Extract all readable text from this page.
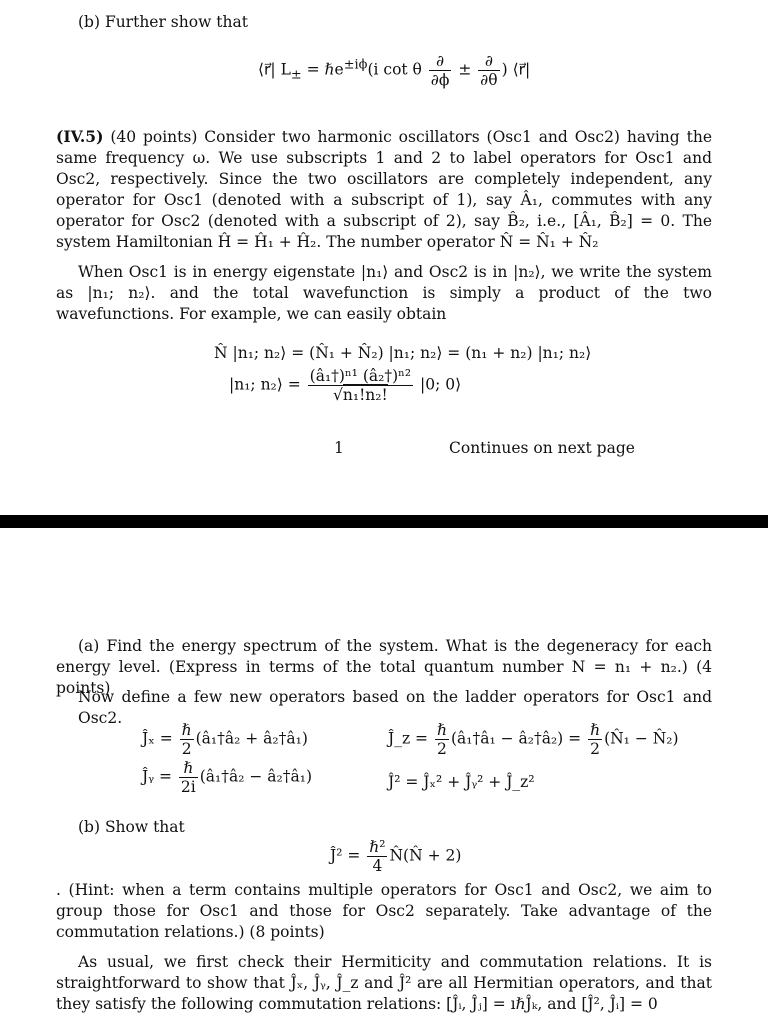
(b) Further show that
⟨r⃗| $L_\pm$ = ℏe$^{\pm i\phi}$(i cot θ $\frac{\partial}{\partial\phi} \pm \frac{\partial}{\partial\theta}$ ) ⟨r⃗|
(IV.5) (40 points) Consider two harmonic oscillators (Osc1 and Osc2) having the same frequency ω. We use subscripts 1 and 2 to label operators for Osc1 and Osc2, respectively. Since the two oscillators are completely independent, any operator for Osc1 (denoted with a subscript of 1), say Â₁, commutes with any operator for Osc2 (denoted with a subscript of 2), say B̂₂, i.e., [Â₁, B̂₂] = 0. The system Hamiltonian Ĥ = Ĥ₁ + Ĥ₂. The number operator N̂ = N̂₁ + N̂₂
When Osc1 is in energy eigenstate |n₁⟩ and Osc2 is in |n₂⟩, we write the system as |n₁; n₂⟩. and the total wavefunction is simply a product of the two wavefunctions. For example, we can easily obtain
N̂ |n₁; n₂⟩ = (N̂₁ + N̂₂) |n₁; n₂⟩ = (n₁ + n₂) |n₁; n₂⟩
|n₁; n₂⟩ = $\frac{\text{(â₁†)ⁿ¹ (â₂†)ⁿ²}}{\text{√n₁!n₂!}} |0$; 0⟩
1	Continues on next page
(a) Find the energy spectrum of the system. What is the degeneracy for each energy level. (Express in terms of the total quantum number N = n₁ + n₂.) (4 points)
Now define a few new operators based on the ladder operators for Osc1 and Osc2.
Ĵₓ = $\frac{\text{ℏ}}{2}$ (â₁†â₂ + â₂†â₁)	Ĵ_z = $\frac{\text{ℏ}}{2}$ (â₁†â₁ − â₂†â₂) = $\frac{\text{ℏ}}{2}$ (N̂₁ − N̂₂)
Ĵᵧ = $\frac{\text{ℏ}}{2i}$ (â₁†â₂ − â₂†â₁)	Ĵ² = Ĵₓ² + Ĵᵧ² + Ĵ_z²
(b) Show that
Ĵ² = $\frac{\text{ℏ²}}{4}$ N̂(N̂ + 2)
. (Hint: when a term contains multiple operators for Osc1 and Osc2, we aim to group those for Osc1 and those for Osc2 separately. Take advantage of the commutation relations.) (8 points)
As usual, we first check their Hermiticity and commutation relations. It is straightforward to show that Ĵₓ, Ĵᵧ, Ĵ_z and Ĵ² are all Hermitian operators, and that they satisfy the following commutation relations: [Ĵᵢ, Ĵⱼ] = ıℏĴₖ, and [Ĵ², Ĵᵢ] = 0
